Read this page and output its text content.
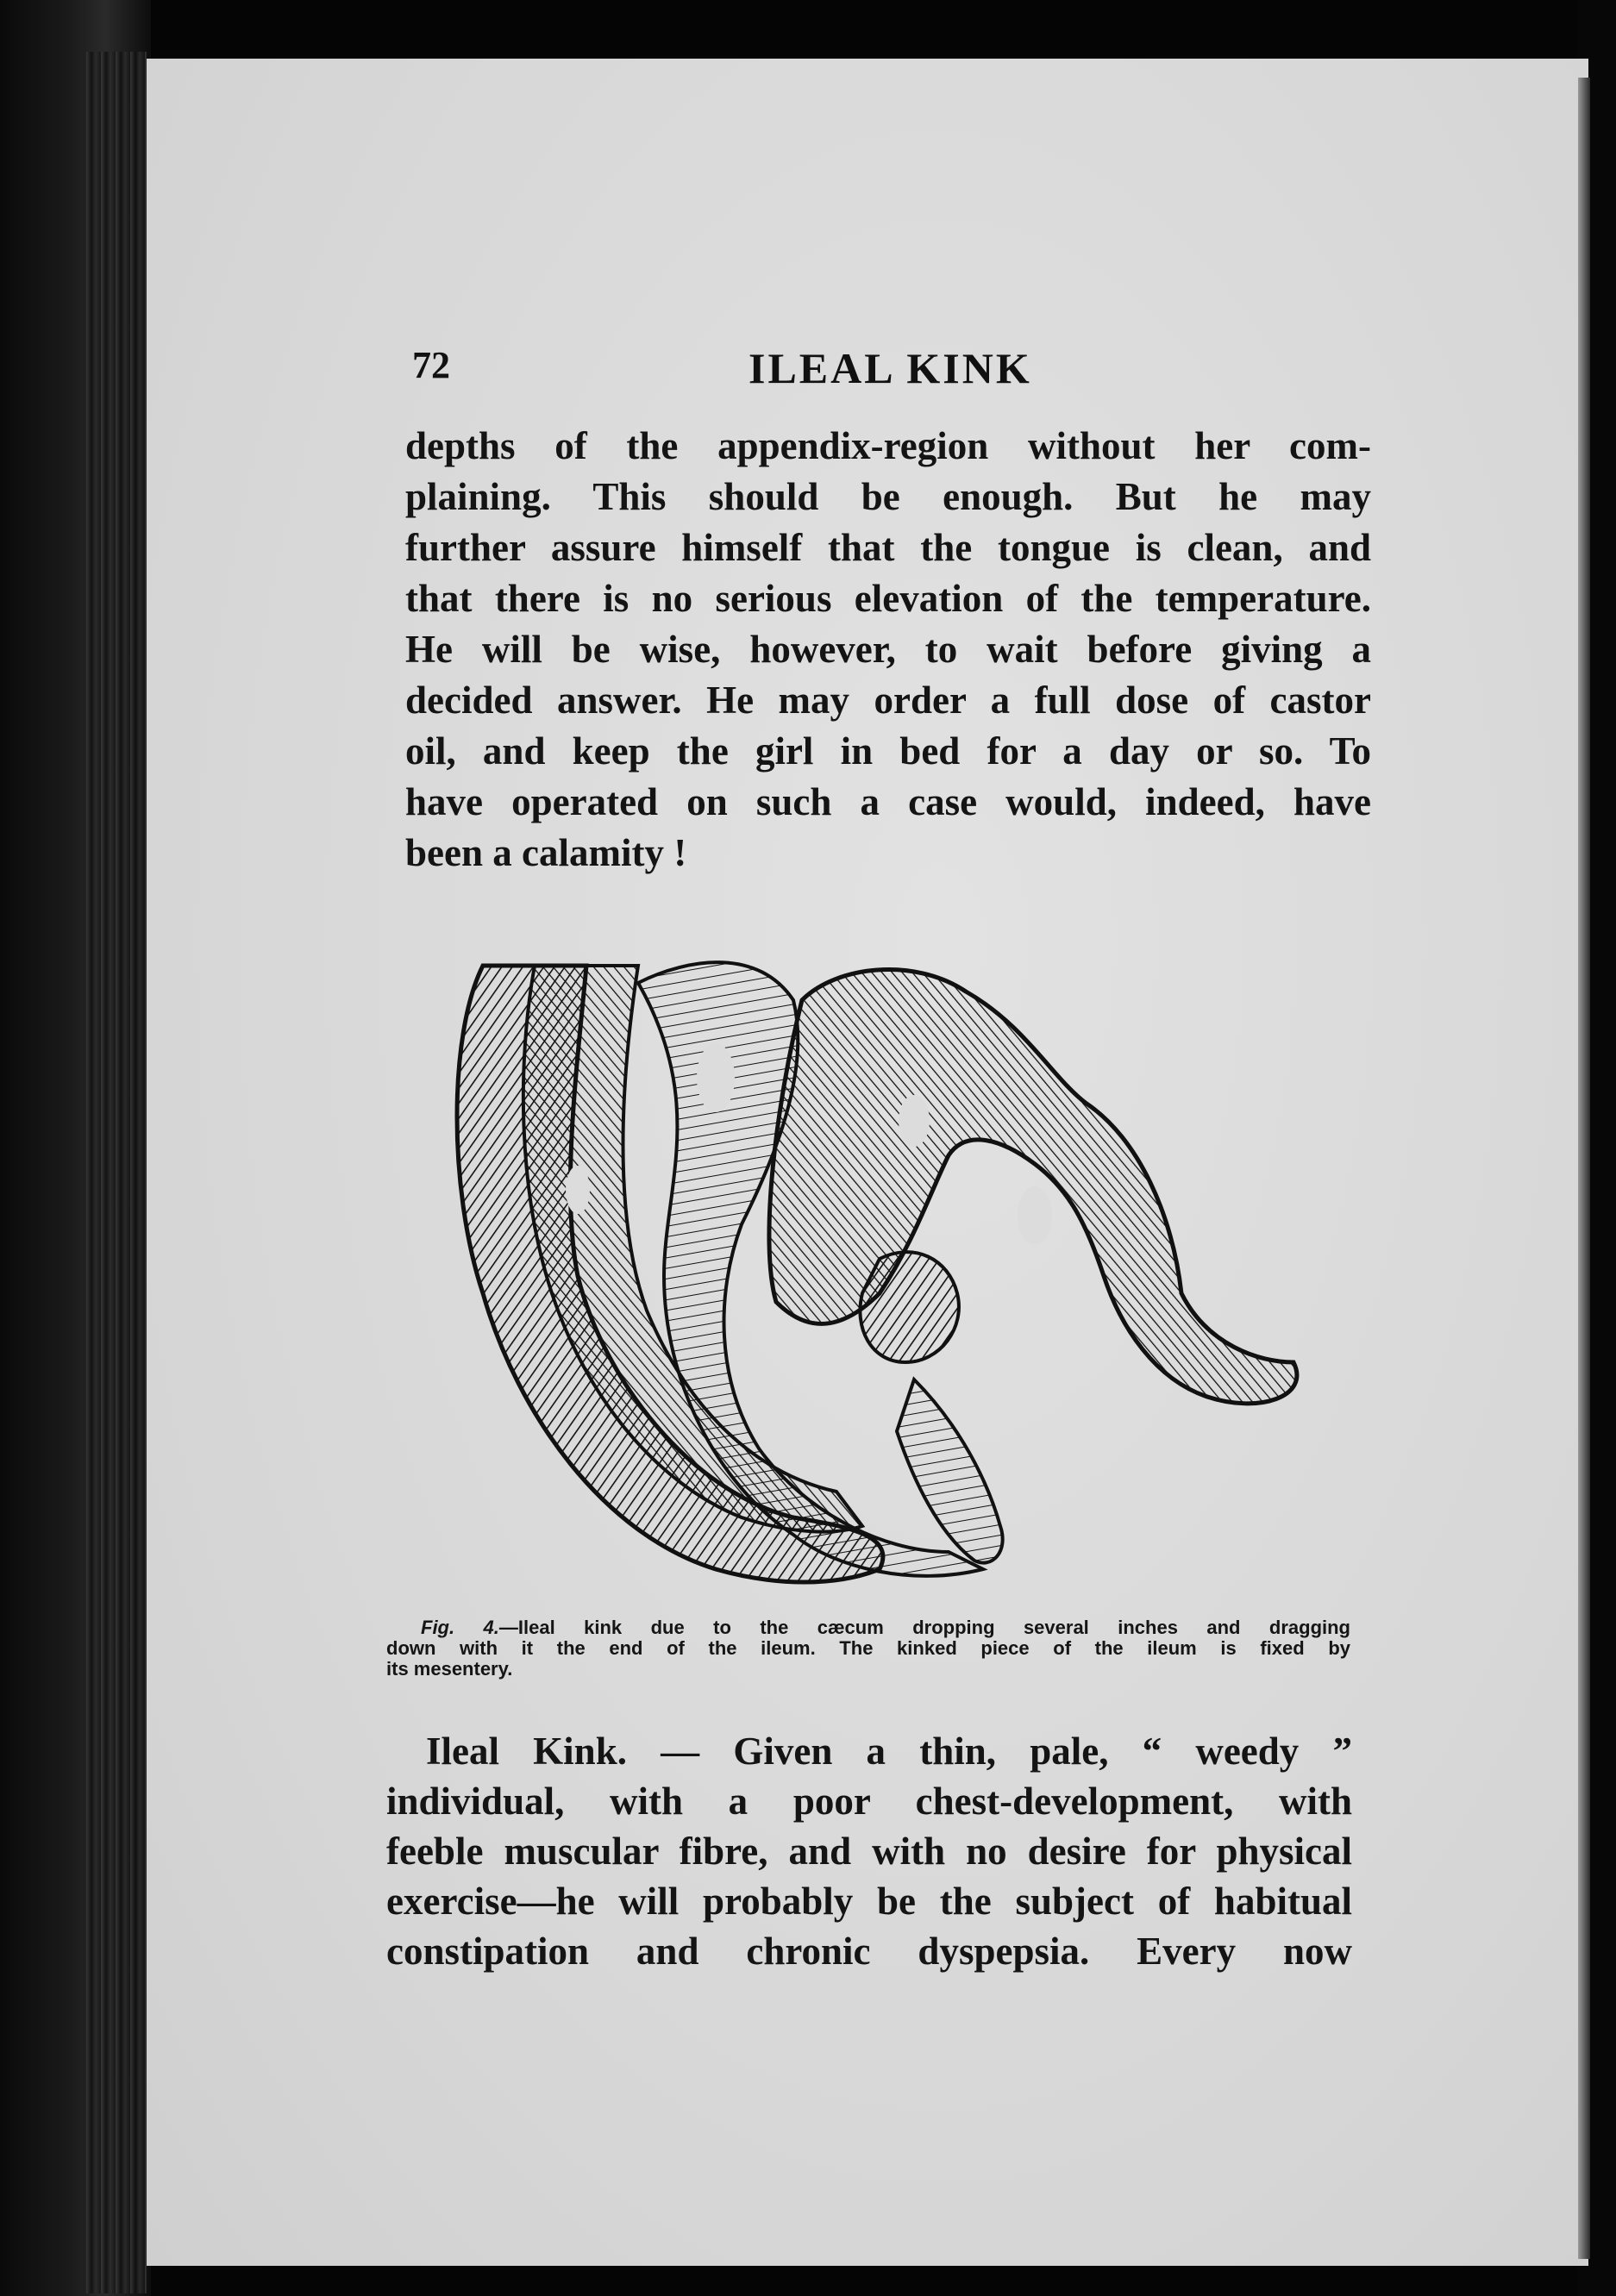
72	ILEAL KINK
depths of the appendix-region without her com-
plaining. This should be enough. But he may
further assure himself that the tongue is clean, and
that there is no serious elevation of the temperature.
He will be wise, however, to wait before giving a
decided answer. He may order a full dose of castor
oil, and keep the girl in bed for a day or so. To
have operated on such a case would, indeed, have
been a calamity !
Fig. 4.—Ileal kink due to the cæcum dropping several inches and dragging
down with it the end of the ileum. The kinked piece of the ileum is fixed by
its mesentery.
Ileal Kink. — Given a thin, pale, “ weedy ”
individual, with a poor chest-development, with
feeble muscular fibre, and with no desire for physical
exercise—he will probably be the subject of habitual
constipation and chronic dyspepsia. Every now
